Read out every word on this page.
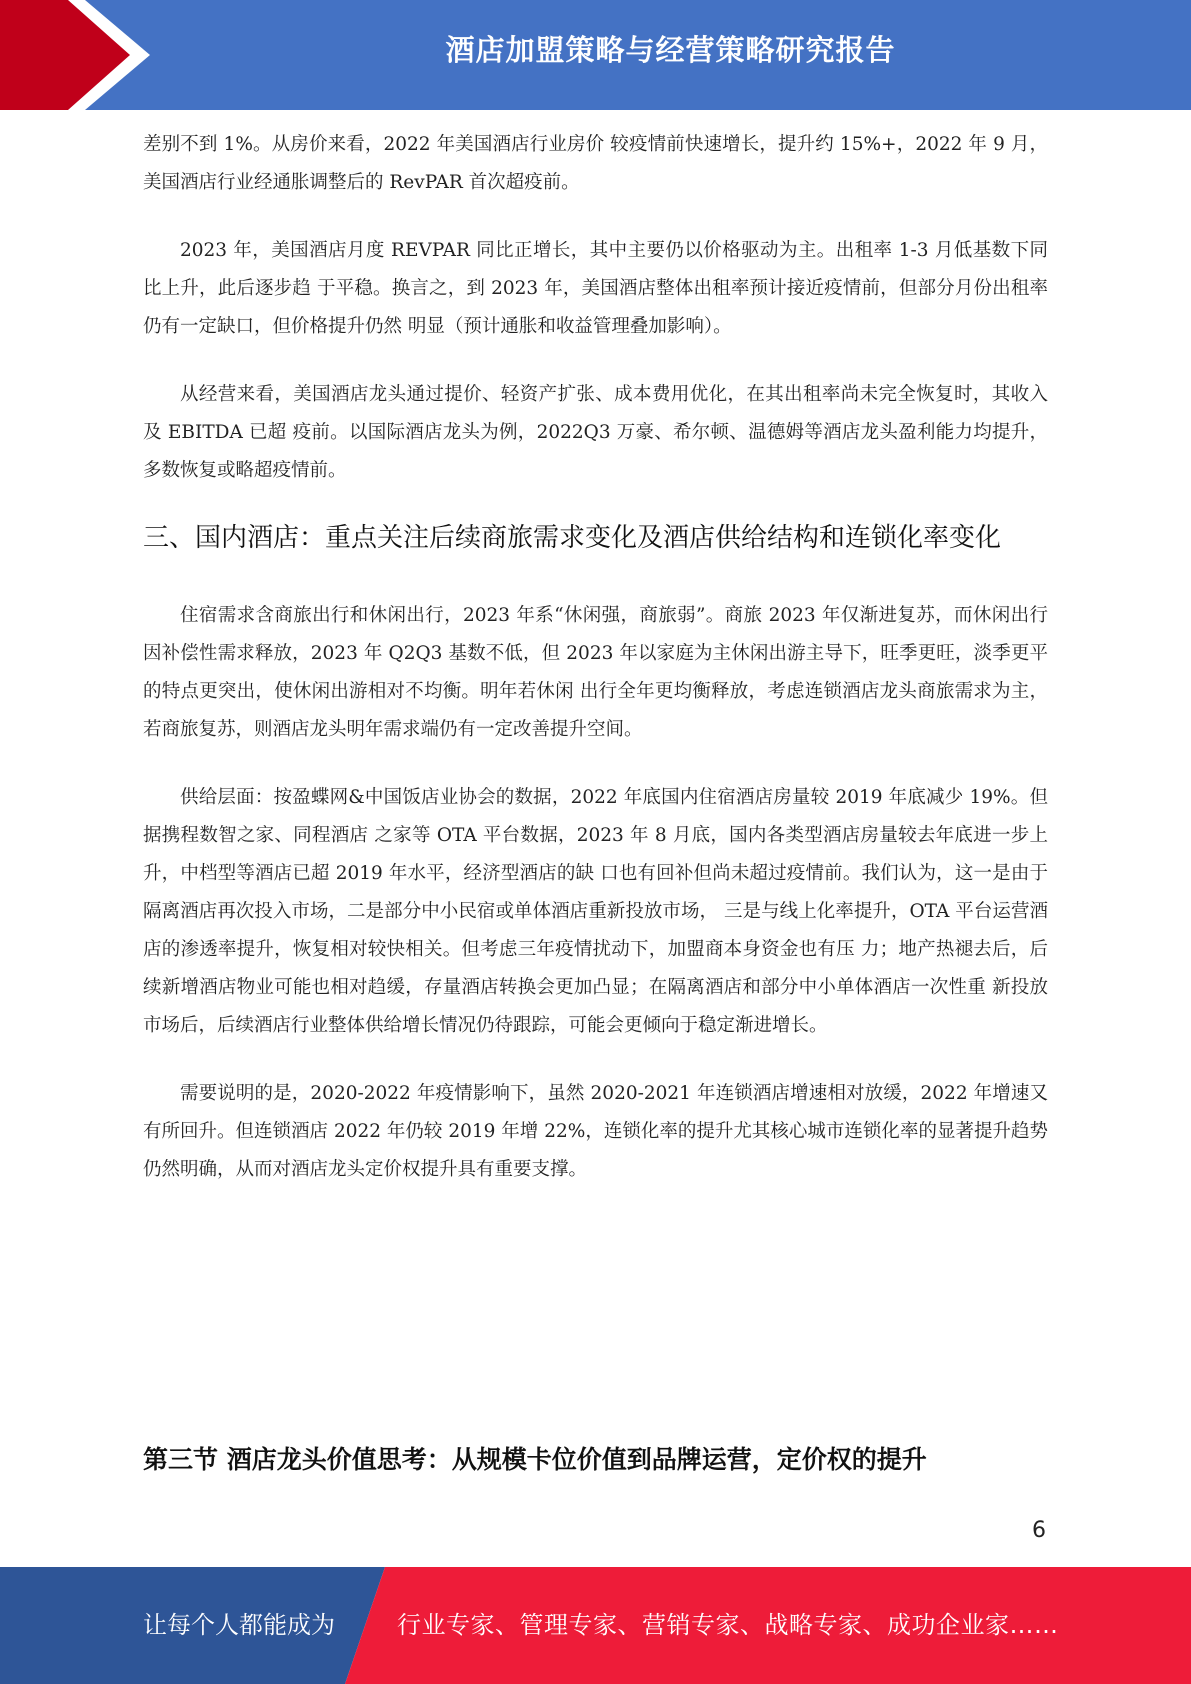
酒店加盟策略与经营策略研究报告

差别不到 1%。从房价来看，2022 年美国酒店行业房价 较疫情前快速增长，提升约 15%+，2022 年 9 月，美国酒店行业经通胀调整后的 RevPAR 首次超疫前。

2023 年，美国酒店月度 REVPAR 同比正增长，其中主要仍以价格驱动为主。出租率 1-3 月低基数下同比上升，此后逐步趋 于平稳。换言之，到 2023 年，美国酒店整体出租率预计接近疫情前，但部分月份出租率仍有一定缺口，但价格提升仍然 明显（预计通胀和收益管理叠加影响）。

从经营来看，美国酒店龙头通过提价、轻资产扩张、成本费用优化，在其出租率尚未完全恢复时，其收入及 EBITDA 已超 疫前。以国际酒店龙头为例，2022Q3 万豪、希尔顿、温德姆等酒店龙头盈利能力均提升，多数恢复或略超疫情前。

三、国内酒店：重点关注后续商旅需求变化及酒店供给结构和连锁化率变化

住宿需求含商旅出行和休闲出行，2023 年系“休闲强，商旅弱”。商旅 2023 年仅渐进复苏，而休闲出行因补偿性需求释放，2023 年 Q2Q3 基数不低，但 2023 年以家庭为主休闲出游主导下，旺季更旺，淡季更平的特点更突出，使休闲出游相对不均衡。明年若休闲 出行全年更均衡释放，考虑连锁酒店龙头商旅需求为主，若商旅复苏，则酒店龙头明年需求端仍有一定改善提升空间。

供给层面：按盈蝶网&中国饭店业协会的数据，2022 年底国内住宿酒店房量较 2019 年底减少 19%。但据携程数智之家、同程酒店 之家等 OTA 平台数据，2023 年 8 月底，国内各类型酒店房量较去年底进一步上升，中档型等酒店已超 2019 年水平，经济型酒店的缺 口也有回补但尚未超过疫情前。我们认为，这一是由于隔离酒店再次投入市场，二是部分中小民宿或单体酒店重新投放市场， 三是与线上化率提升，OTA 平台运营酒店的渗透率提升，恢复相对较快相关。但考虑三年疫情扰动下，加盟商本身资金也有压 力；地产热褪去后，后续新增酒店物业可能也相对趋缓，存量酒店转换会更加凸显；在隔离酒店和部分中小单体酒店一次性重 新投放市场后，后续酒店行业整体供给增长情况仍待跟踪，可能会更倾向于稳定渐进增长。

需要说明的是，2020-2022 年疫情影响下，虽然 2020-2021 年连锁酒店增速相对放缓，2022 年增速又有所回升。但连锁酒店 2022 年仍较 2019 年增 22%，连锁化率的提升尤其核心城市连锁化率的显著提升趋势仍然明确，从而对酒店龙头定价权提升具有重要支撑。

第三节 酒店龙头价值思考：从规模卡位价值到品牌运营，定价权的提升
6
让每个人都能成为	行业专家、管理专家、营销专家、战略专家、成功企业家……
